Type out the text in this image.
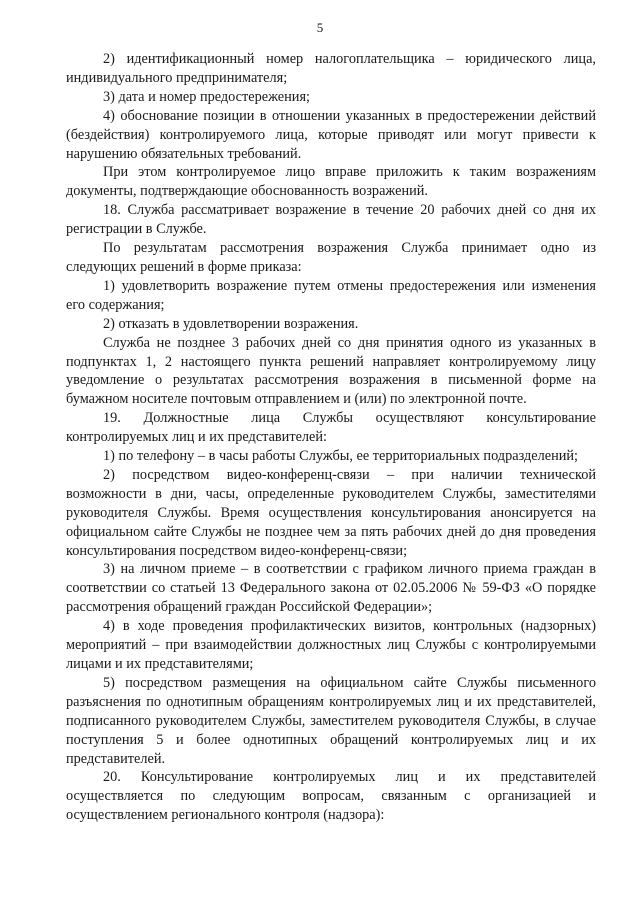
5

2) идентификационный номер налогоплательщика – юридического лица, индивидуального предпринимателя;

3) дата и номер предостережения;

4) обоснование позиции в отношении указанных в предостережении действий (бездействия) контролируемого лица, которые приводят или могут привести к нарушению обязательных требований.

При этом контролируемое лицо вправе приложить к таким возражениям документы, подтверждающие обоснованность возражений.

18. Служба рассматривает возражение в течение 20 рабочих дней со дня их регистрации в Службе.

По результатам рассмотрения возражения Служба принимает одно из следующих решений в форме приказа:

1) удовлетворить возражение путем отмены предостережения или изменения его содержания;

2) отказать в удовлетворении возражения.

Служба не позднее 3 рабочих дней со дня принятия одного из указанных в подпунктах 1, 2 настоящего пункта решений направляет контролируемому лицу уведомление о результатах рассмотрения возражения в письменной форме на бумажном носителе почтовым отправлением и (или) по электронной почте.

19. Должностные лица Службы осуществляют консультирование контролируемых лиц и их представителей:

1) по телефону – в часы работы Службы, ее территориальных подразделений;

2) посредством видео-конференц-связи – при наличии технической возможности в дни, часы, определенные руководителем Службы, заместителями руководителя Службы. Время осуществления консультирования анонсируется на официальном сайте Службы не позднее чем за пять рабочих дней до дня проведения консультирования посредством видео-конференц-связи;

3) на личном приеме – в соответствии с графиком личного приема граждан в соответствии со статьей 13 Федерального закона от 02.05.2006 № 59-ФЗ «О порядке рассмотрения обращений граждан Российской Федерации»;

4) в ходе проведения профилактических визитов, контрольных (надзорных) мероприятий – при взаимодействии должностных лиц Службы с контролируемыми лицами и их представителями;

5) посредством размещения на официальном сайте Службы письменного разъяснения по однотипным обращениям контролируемых лиц и их представителей, подписанного руководителем Службы, заместителем руководителя Службы, в случае поступления 5 и более однотипных обращений контролируемых лиц и их представителей.

20. Консультирование контролируемых лиц и их представителей осуществляется по следующим вопросам, связанным с организацией и осуществлением регионального контроля (надзора):
